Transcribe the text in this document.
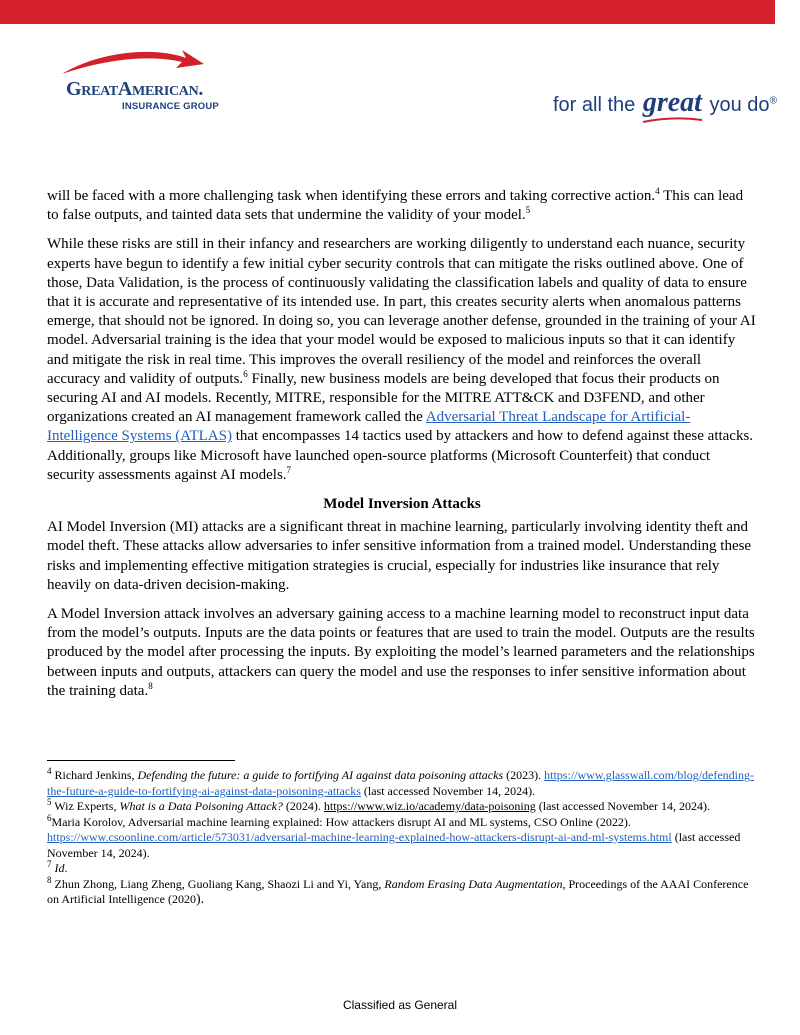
GreatAmerican.
INSURANCE GROUP	for all the great you do®

will be faced with a more challenging task when identifying these errors and taking corrective action.$^4$ This can lead to false outputs, and tainted data sets that undermine the validity of your model.$^5$

While these risks are still in their infancy and researchers are working diligently to understand each nuance, security experts have begun to identify a few initial cyber security controls that can mitigate the risks outlined above. One of those, Data Validation, is the process of continuously validating the classification labels and quality of data to ensure that it is accurate and representative of its intended use. In part, this creates security alerts when anomalous patterns emerge, that should not be ignored. In doing so, you can leverage another defense, grounded in the training of your AI model. Adversarial training is the idea that your model would be exposed to malicious inputs so that it can identify and mitigate the risk in real time. This improves the overall resiliency of the model and reinforces the overall accuracy and validity of outputs.$^6$ Finally, new business models are being developed that focus their products on securing AI and AI models. Recently, MITRE, responsible for the MITRE ATT&CK and D3FEND, and other organizations created an AI management framework called the Adversarial Threat Landscape for Artificial-Intelligence Systems (ATLAS) that encompasses 14 tactics used by attackers and how to defend against these attacks. Additionally, groups like Microsoft have launched open-source platforms (Microsoft Counterfeit) that conduct security assessments against AI models.$^7$

Model Inversion Attacks

AI Model Inversion (MI) attacks are a significant threat in machine learning, particularly involving identity theft and model theft. These attacks allow adversaries to infer sensitive information from a trained model. Understanding these risks and implementing effective mitigation strategies is crucial, especially for industries like insurance that rely heavily on data-driven decision-making.

A Model Inversion attack involves an adversary gaining access to a machine learning model to reconstruct input data from the model’s outputs. Inputs are the data points or features that are used to train the model. Outputs are the results produced by the model after processing the inputs. By exploiting the model’s learned parameters and the relationships between inputs and outputs, attackers can query the model and use the responses to infer sensitive information about the training data.$^8$

$^4$ Richard Jenkins, Defending the future: a guide to fortifying AI against data poisoning attacks (2023). https://www.glasswall.com/blog/defending-the-future-a-guide-to-fortifying-ai-against-data-poisoning-attacks (last accessed November 14, 2024).

$^5$ Wiz Experts, What is a Data Poisoning Attack? (2024). https://www.wiz.io/academy/data-poisoning (last accessed November 14, 2024).

$^6$Maria Korolov, Adversarial machine learning explained: How attackers disrupt AI and ML systems, CSO Online (2022). https://www.csoonline.com/article/573031/adversarial-machine-learning-explained-how-attackers-disrupt-ai-and-ml-systems.html (last accessed November 14, 2024).

$^7$ Id.

$^8$ Zhun Zhong, Liang Zheng, Guoliang Kang, Shaozi Li and Yi, Yang, Random Erasing Data Augmentation, Proceedings of the AAAI Conference on Artificial Intelligence (2020).

Classified as General
